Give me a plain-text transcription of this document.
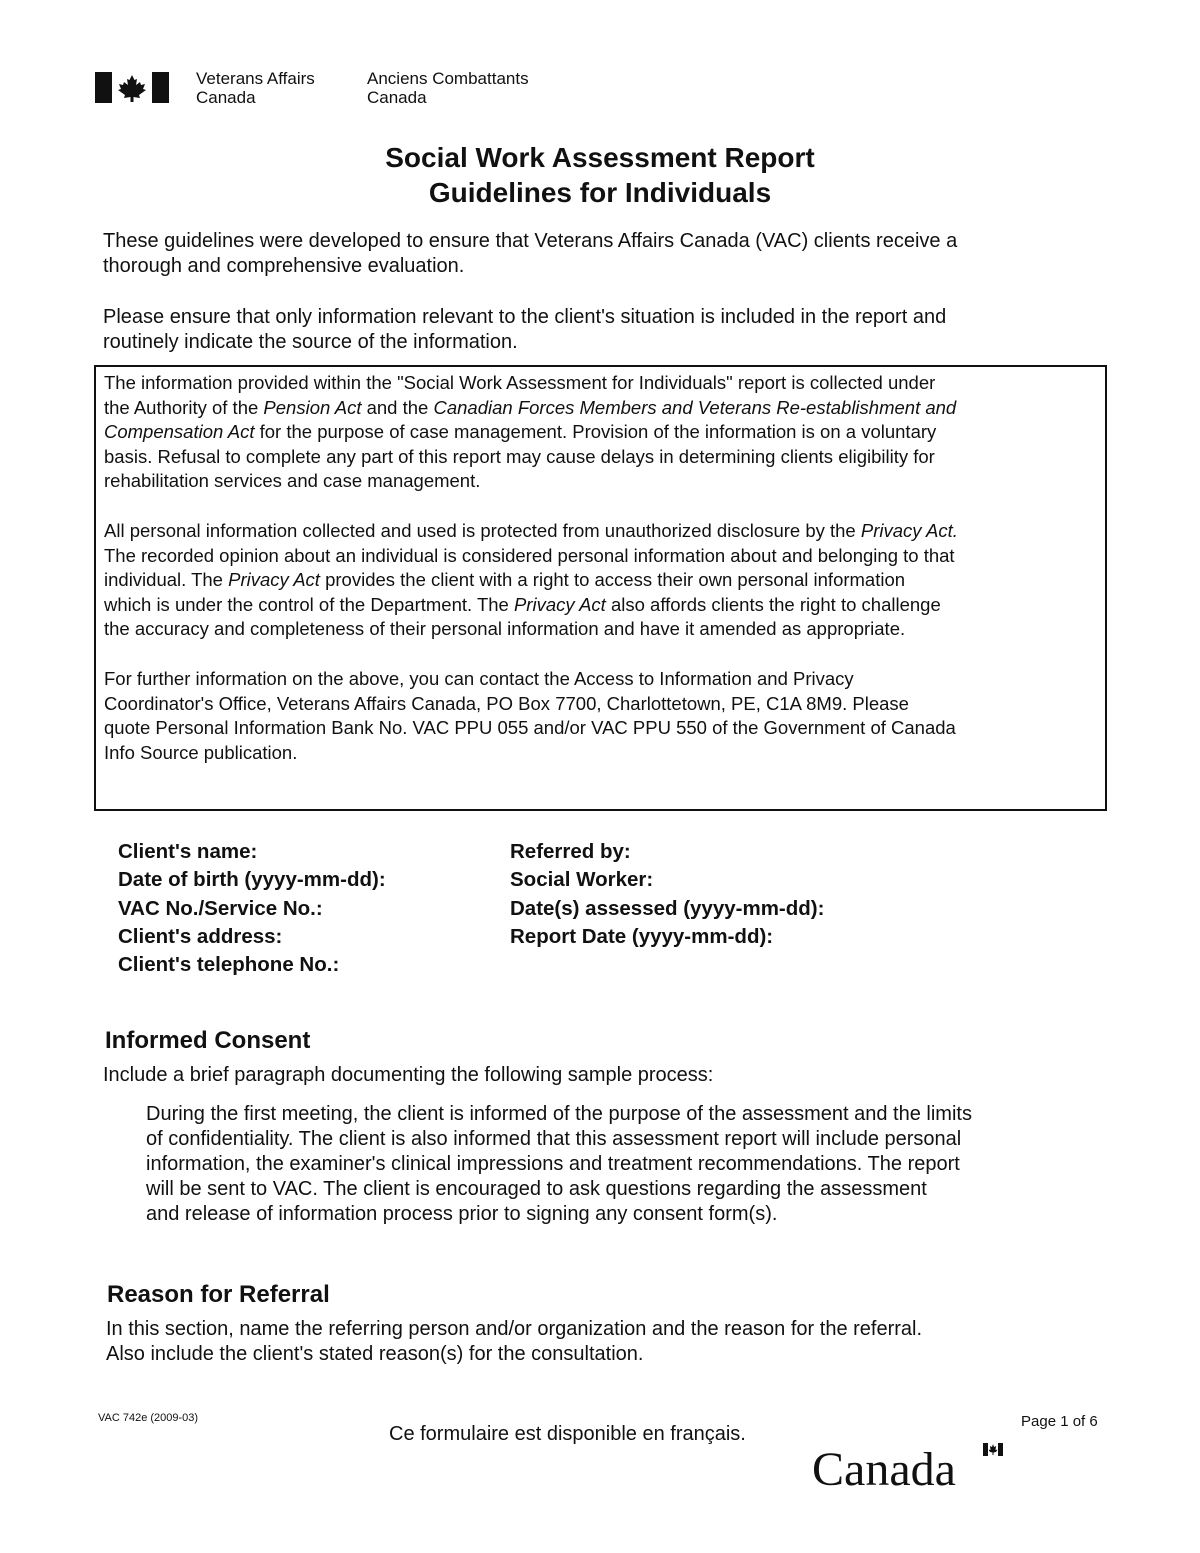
Veterans Affairs
Canada
Anciens Combattants
Canada
Social Work Assessment Report
Guidelines for Individuals
These guidelines were developed to ensure that Veterans Affairs Canada (VAC) clients receive a
thorough and comprehensive evaluation.
Please ensure that only information relevant to the client's situation is included in the report and
routinely indicate the source of the information.
The information provided within the "Social Work Assessment for Individuals" report is collected under
the Authority of the Pension Act and the Canadian Forces Members and Veterans Re-establishment and
Compensation Act for the purpose of case management. Provision of the information is on a voluntary
basis. Refusal to complete any part of this report may cause delays in determining clients eligibility for
rehabilitation services and case management.
All personal information collected and used is protected from unauthorized disclosure by the Privacy Act.
The recorded opinion about an individual is considered personal information about and belonging to that
individual. The Privacy Act provides the client with a right to access their own personal information
which is under the control of the Department. The Privacy Act also affords clients the right to challenge
the accuracy and completeness of their personal information and have it amended as appropriate.
For further information on the above, you can contact the Access to Information and Privacy
Coordinator's Office, Veterans Affairs Canada, PO Box 7700, Charlottetown, PE, C1A 8M9. Please
quote Personal Information Bank No. VAC PPU 055 and/or VAC PPU 550 of the Government of Canada
Info Source publication.
Client's name:
Date of birth (yyyy-mm-dd):
VAC No./Service No.:
Client's address:
Client's telephone No.:
Referred by:
Social Worker:
Date(s) assessed (yyyy-mm-dd):
Report Date (yyyy-mm-dd):
Informed Consent
Include a brief paragraph documenting the following sample process:
During the first meeting, the client is informed of the purpose of the assessment and the limits
of confidentiality. The client is also informed that this assessment report will include personal
information, the examiner's clinical impressions and treatment recommendations. The report
will be sent to VAC. The client is encouraged to ask questions regarding the assessment
and release of information process prior to signing any consent form(s).
Reason for Referral
In this section, name the referring person and/or organization and the reason for the referral.
Also include the client's stated reason(s) for the consultation.
VAC 742e (2009-03)	Page 1 of 6
Ce formulaire est disponible en français.
Canada
